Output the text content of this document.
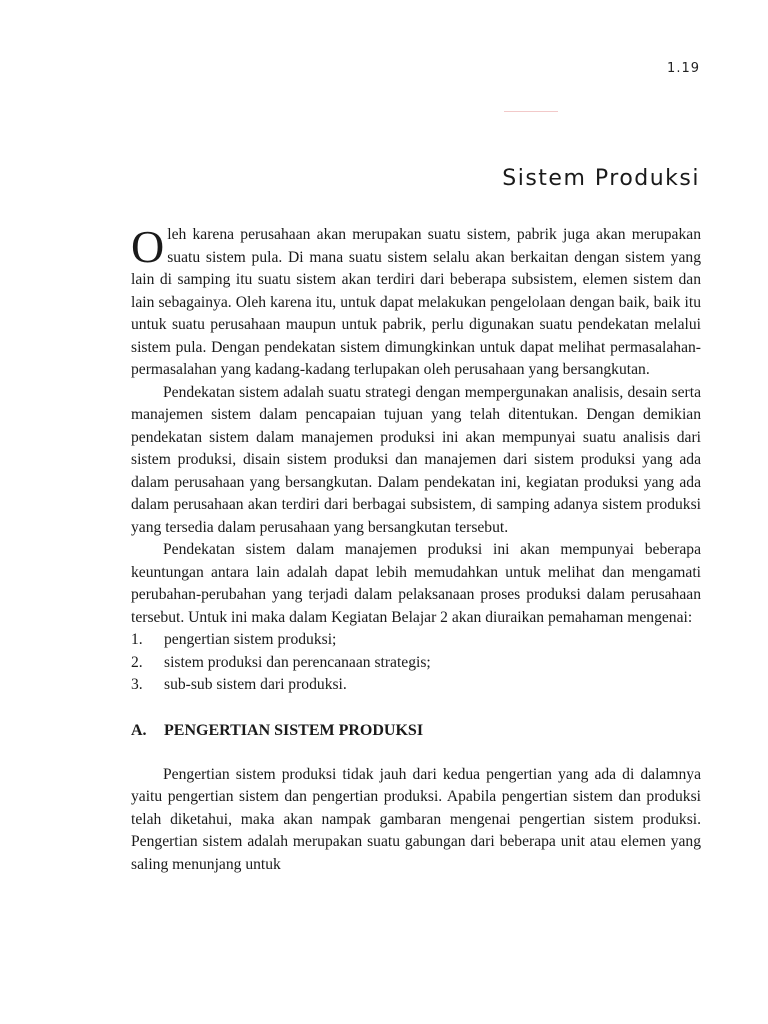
1.19
Sistem Produksi

Oleh karena perusahaan akan merupakan suatu sistem, pabrik juga akan merupakan suatu sistem pula. Di mana suatu sistem selalu akan berkaitan dengan sistem yang lain di samping itu suatu sistem akan terdiri dari beberapa subsistem, elemen sistem dan lain sebagainya. Oleh karena itu, untuk dapat melakukan pengelolaan dengan baik, baik itu untuk suatu perusahaan maupun untuk pabrik, perlu digunakan suatu pendekatan melalui sistem pula. Dengan pendekatan sistem dimungkinkan untuk dapat melihat permasalahan-permasalahan yang kadang-kadang terlupakan oleh perusahaan yang bersangkutan.

Pendekatan sistem adalah suatu strategi dengan mempergunakan analisis, desain serta manajemen sistem dalam pencapaian tujuan yang telah ditentukan. Dengan demikian pendekatan sistem dalam manajemen produksi ini akan mempunyai suatu analisis dari sistem produksi, disain sistem produksi dan manajemen dari sistem produksi yang ada dalam perusahaan yang bersangkutan. Dalam pendekatan ini, kegiatan produksi yang ada dalam perusahaan akan terdiri dari berbagai subsistem, di samping adanya sistem produksi yang tersedia dalam perusahaan yang bersangkutan tersebut.

Pendekatan sistem dalam manajemen produksi ini akan mempunyai beberapa keuntungan antara lain adalah dapat lebih memudahkan untuk melihat dan mengamati perubahan-perubahan yang terjadi dalam pelaksanaan proses produksi dalam perusahaan tersebut. Untuk ini maka dalam Kegiatan Belajar 2 akan diuraikan pemahaman mengenai:

1.	pengertian sistem produksi;
2.	sistem produksi dan perencanaan strategis;
3.	sub-sub sistem dari produksi.
A.	PENGERTIAN SISTEM PRODUKSI

Pengertian sistem produksi tidak jauh dari kedua pengertian yang ada di dalamnya yaitu pengertian sistem dan pengertian produksi. Apabila pengertian sistem dan produksi telah diketahui, maka akan nampak gambaran mengenai pengertian sistem produksi. Pengertian sistem adalah merupakan suatu gabungan dari beberapa unit atau elemen yang saling menunjang untuk
